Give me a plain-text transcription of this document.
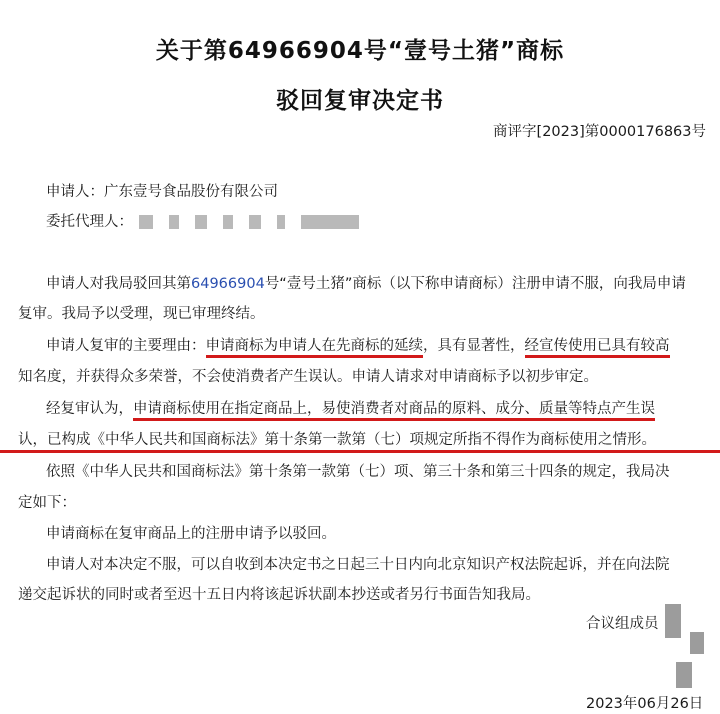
关于第64966904号“壹号土猪”商标
驳回复审决定书
商评字[2023]第0000176863号
申请人：广东壹号食品股份有限公司
委托代理人：
申请人对我局驳回其第64966904号“壹号土猪”商标（以下称申请商标）注册申请不服，向我局申请
复审。我局予以受理，现已审理终结。
申请人复审的主要理由：申请商标为申请人在先商标的延续，具有显著性，经宣传使用已具有较高
知名度，并获得众多荣誉，不会使消费者产生误认。申请人请求对申请商标予以初步审定。
经复审认为，申请商标使用在指定商品上，易使消费者对商品的原料、成分、质量等特点产生误
认，已构成《中华人民共和国商标法》第十条第一款第（七）项规定所指不得作为商标使用之情形。
依照《中华人民共和国商标法》第十条第一款第（七）项、第三十条和第三十四条的规定，我局决
定如下：
申请商标在复审商品上的注册申请予以驳回。
申请人对本决定不服，可以自收到本决定书之日起三十日内向北京知识产权法院起诉，并在向法院
递交起诉状的同时或者至迟十五日内将该起诉状副本抄送或者另行书面告知我局。
合议组成员
2023年06月26日
